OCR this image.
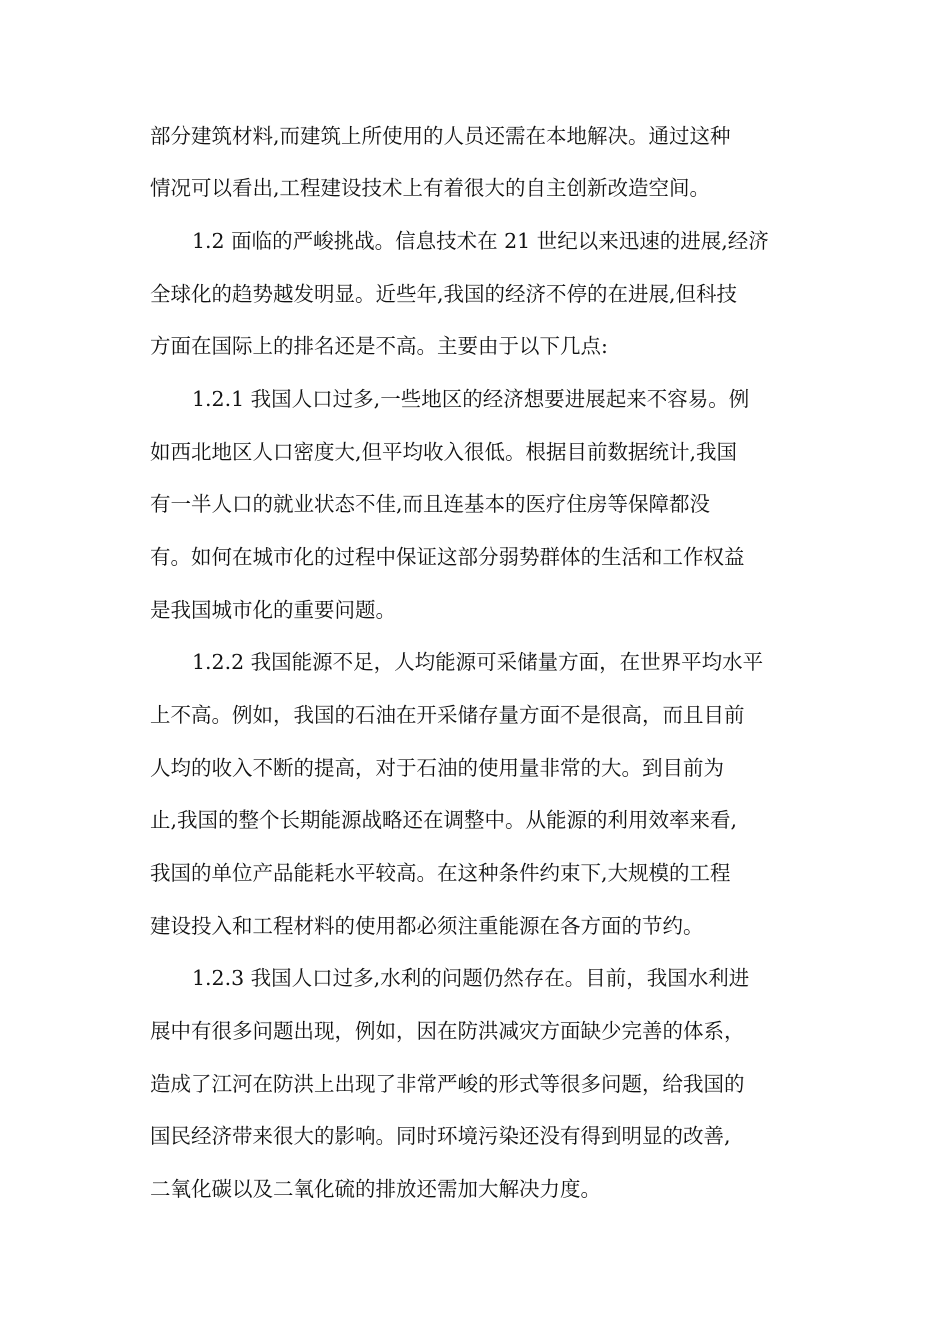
部分建筑材料,而建筑上所使用的人员还需在本地解决。通过这种
情况可以看出,工程建设技术上有着很大的自主创新改造空间。
1.2 面临的严峻挑战。信息技术在 21 世纪以来迅速的进展,经济
全球化的趋势越发明显。近些年,我国的经济不停的在进展,但科技
方面在国际上的排名还是不高。主要由于以下几点:
1.2.1 我国人口过多,一些地区的经济想要进展起来不容易。例
如西北地区人口密度大,但平均收入很低。根据目前数据统计,我国
有一半人口的就业状态不佳,而且连基本的医疗住房等保障都没
有。如何在城市化的过程中保证这部分弱势群体的生活和工作权益
是我国城市化的重要问题。
1.2.2 我国能源不足，人均能源可采储量方面，在世界平均水平
上不高。例如，我国的石油在开采储存量方面不是很高，而且目前
人均的收入不断的提高，对于石油的使用量非常的大。到目前为
止,我国的整个长期能源战略还在调整中。从能源的利用效率来看,
我国的单位产品能耗水平较高。在这种条件约束下,大规模的工程
建设投入和工程材料的使用都必须注重能源在各方面的节约。
1.2.3 我国人口过多,水利的问题仍然存在。目前，我国水利进
展中有很多问题出现，例如，因在防洪减灾方面缺少完善的体系，
造成了江河在防洪上出现了非常严峻的形式等很多问题，给我国的
国民经济带来很大的影响。同时环境污染还没有得到明显的改善,
二氧化碳以及二氧化硫的排放还需加大解决力度。
